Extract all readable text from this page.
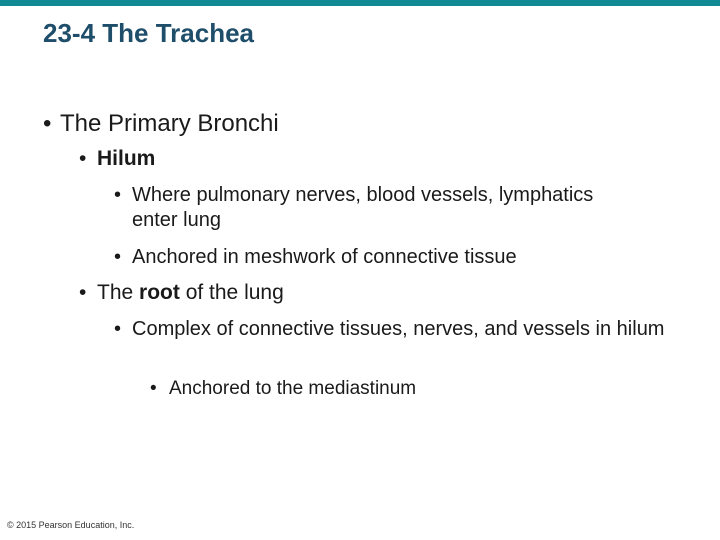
23-4 The Trachea
• The Primary Bronchi
• Hilum
• Where pulmonary nerves, blood vessels, lymphatics enter lung
• Anchored in meshwork of connective tissue
• The root of the lung
• Complex of connective tissues, nerves, and vessels in hilum
• Anchored to the mediastinum
© 2015 Pearson Education, Inc.
